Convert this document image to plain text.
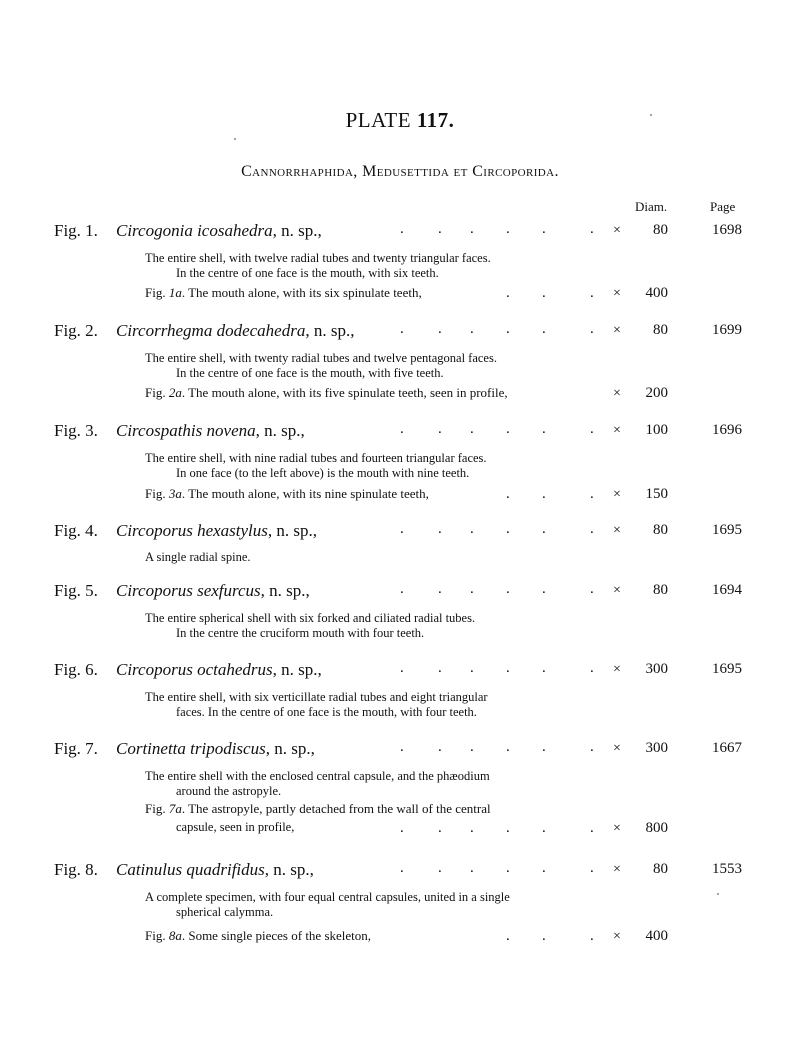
PLATE 117.
Cannorrhaphida, Medusettida et Circoporida.
Diam.	Page
Fig. 1. Circogonia icosahedra, n. sp.,	. . . . .	. ×	80	1698
The entire shell, with twelve radial tubes and twenty triangular faces.
In the centre of one face is the mouth, with six teeth.
Fig. 1a. The mouth alone, with its six spinulate teeth,	. .	. ×	400
Fig. 2. Circorrhegma dodecahedra, n. sp.,	. . . . .	. ×	80	1699
The entire shell, with twenty radial tubes and twelve pentagonal faces.
In the centre of one face is the mouth, with five teeth.
Fig. 2a. The mouth alone, with its five spinulate teeth, seen in profile,	×	200
Fig. 3. Circospathis novena, n. sp.,	. . . . .	. ×	100	1696
The entire shell, with nine radial tubes and fourteen triangular faces.
In one face (to the left above) is the mouth with nine teeth.
Fig. 3a. The mouth alone, with its nine spinulate teeth,	. .	. ×	150
Fig. 4. Circoporus hexastylus, n. sp.,	. . . . .	. ×	80	1695
A single radial spine.
Fig. 5. Circoporus sexfurcus, n. sp.,	. . . . .	. ×	80	1694
The entire spherical shell with six forked and ciliated radial tubes.
In the centre the cruciform mouth with four teeth.
Fig. 6. Circoporus octahedrus, n. sp.,	. . . . .	. ×	300	1695
The entire shell, with six verticillate radial tubes and eight triangular
faces. In the centre of one face is the mouth, with four teeth.
Fig. 7. Cortinetta tripodiscus, n. sp.,	. . . . .	. ×	300	1667
The entire shell with the enclosed central capsule, and the phæodium
around the astropyle.
Fig. 7a. The astropyle, partly detached from the wall of the central
capsule, seen in profile,	. . . . .	. ×	800
Fig. 8. Catinulus quadrifidus, n. sp.,	. . . . .	. ×	80	1553
A complete specimen, with four equal central capsules, united in a single
spherical calymma.
Fig. 8a. Some single pieces of the skeleton,	. .	. ×	400
